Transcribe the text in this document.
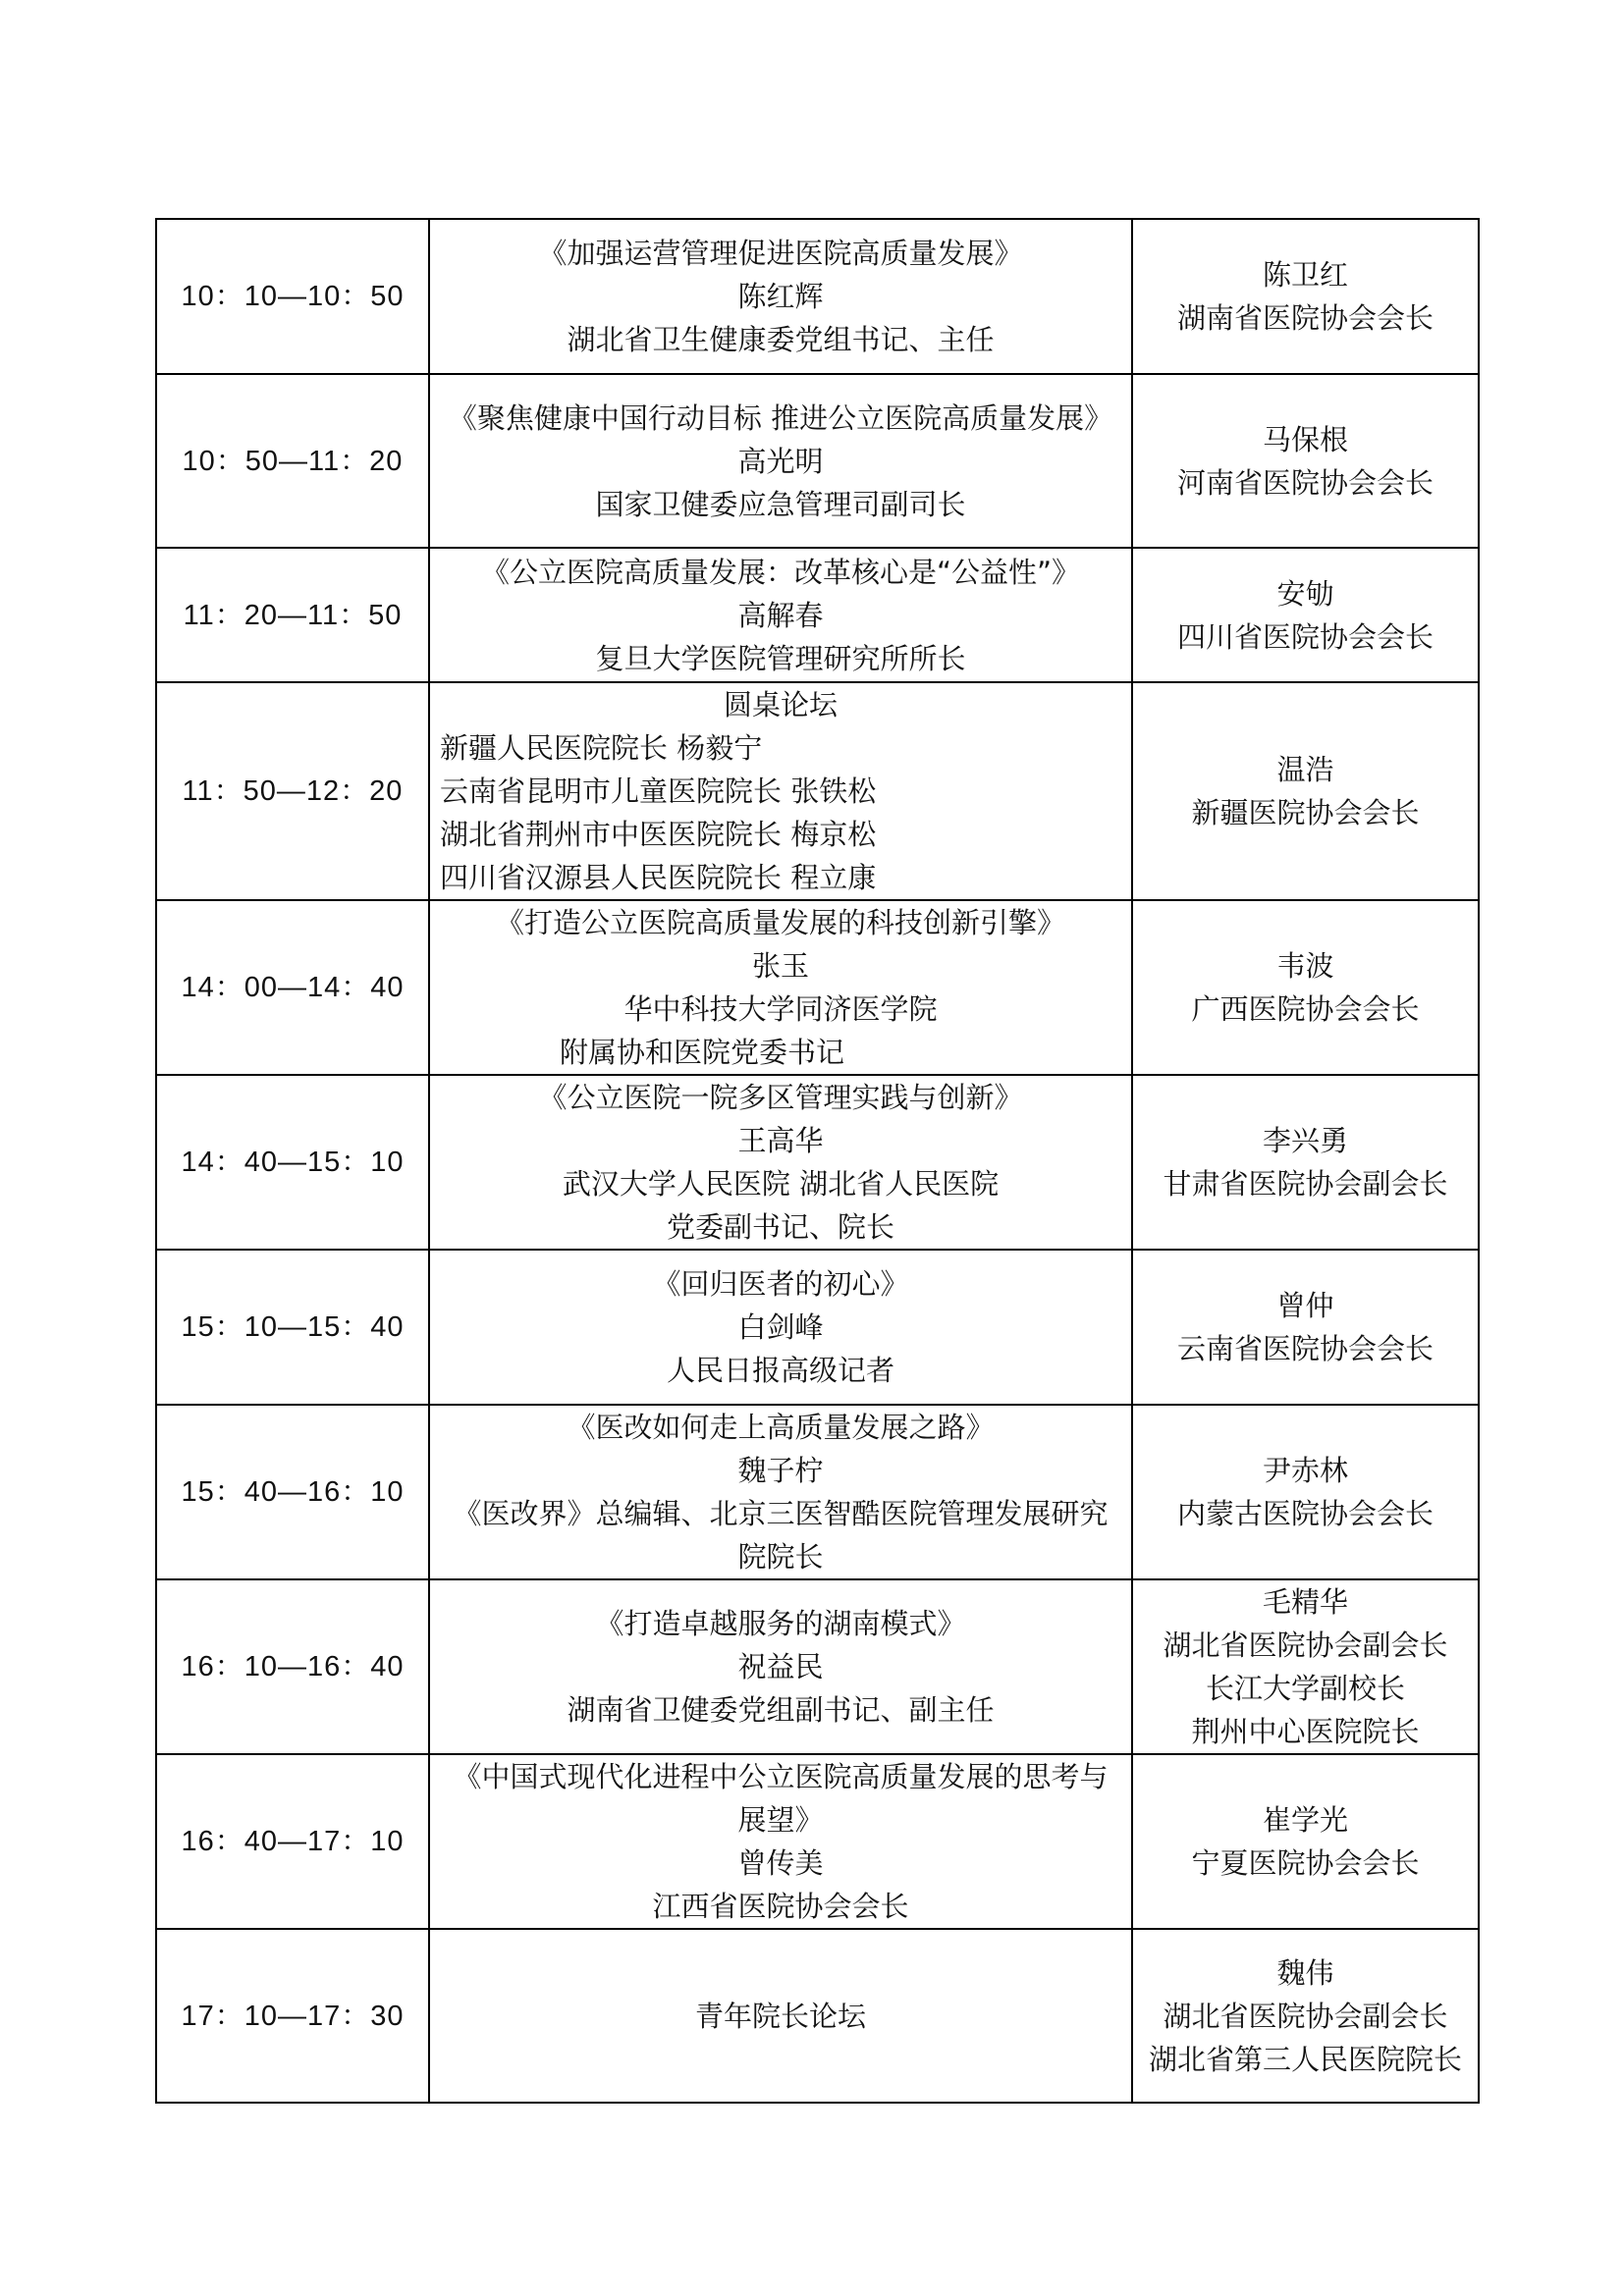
10：10—10：50	《加强运营管理促进医院高质量发展》
陈红辉
湖北省卫生健康委党组书记、主任	陈卫红
湖南省医院协会会长

10：50—11：20	《聚焦健康中国行动目标 推进公立医院高质量发展》
高光明
国家卫健委应急管理司副司长	马保根
河南省医院协会会长

11：20—11：50	《公立医院高质量发展：改革核心是“公益性”》
高解春
复旦大学医院管理研究所所长	安劬
四川省医院协会会长

11：50—12：20	圆桌论坛
新疆人民医院院长 杨毅宁
云南省昆明市儿童医院院长 张铁松
湖北省荆州市中医医院院长 梅京松
四川省汉源县人民医院院长 程立康	温浩
新疆医院协会会长

14：00—14：40	《打造公立医院高质量发展的科技创新引擎》
张玉
华中科技大学同济医学院
附属协和医院党委书记	韦波
广西医院协会会长

14：40—15：10	《公立医院一院多区管理实践与创新》
王高华
武汉大学人民医院 湖北省人民医院
党委副书记、院长	李兴勇
甘肃省医院协会副会长

15：10—15：40	《回归医者的初心》
白剑峰
人民日报高级记者	曾仲
云南省医院协会会长

15：40—16：10	《医改如何走上高质量发展之路》
魏子柠
《医改界》总编辑、北京三医智酷医院管理发展研究院院长	尹赤林
内蒙古医院协会会长

16：10—16：40	《打造卓越服务的湖南模式》
祝益民
湖南省卫健委党组副书记、副主任	毛精华
湖北省医院协会副会长
长江大学副校长
荆州中心医院院长

16：40—17：10	《中国式现代化进程中公立医院高质量发展的思考与展望》
曾传美
江西省医院协会会长	崔学光
宁夏医院协会会长

17：10—17：30	青年院长论坛	魏伟
湖北省医院协会副会长
湖北省第三人民医院院长
